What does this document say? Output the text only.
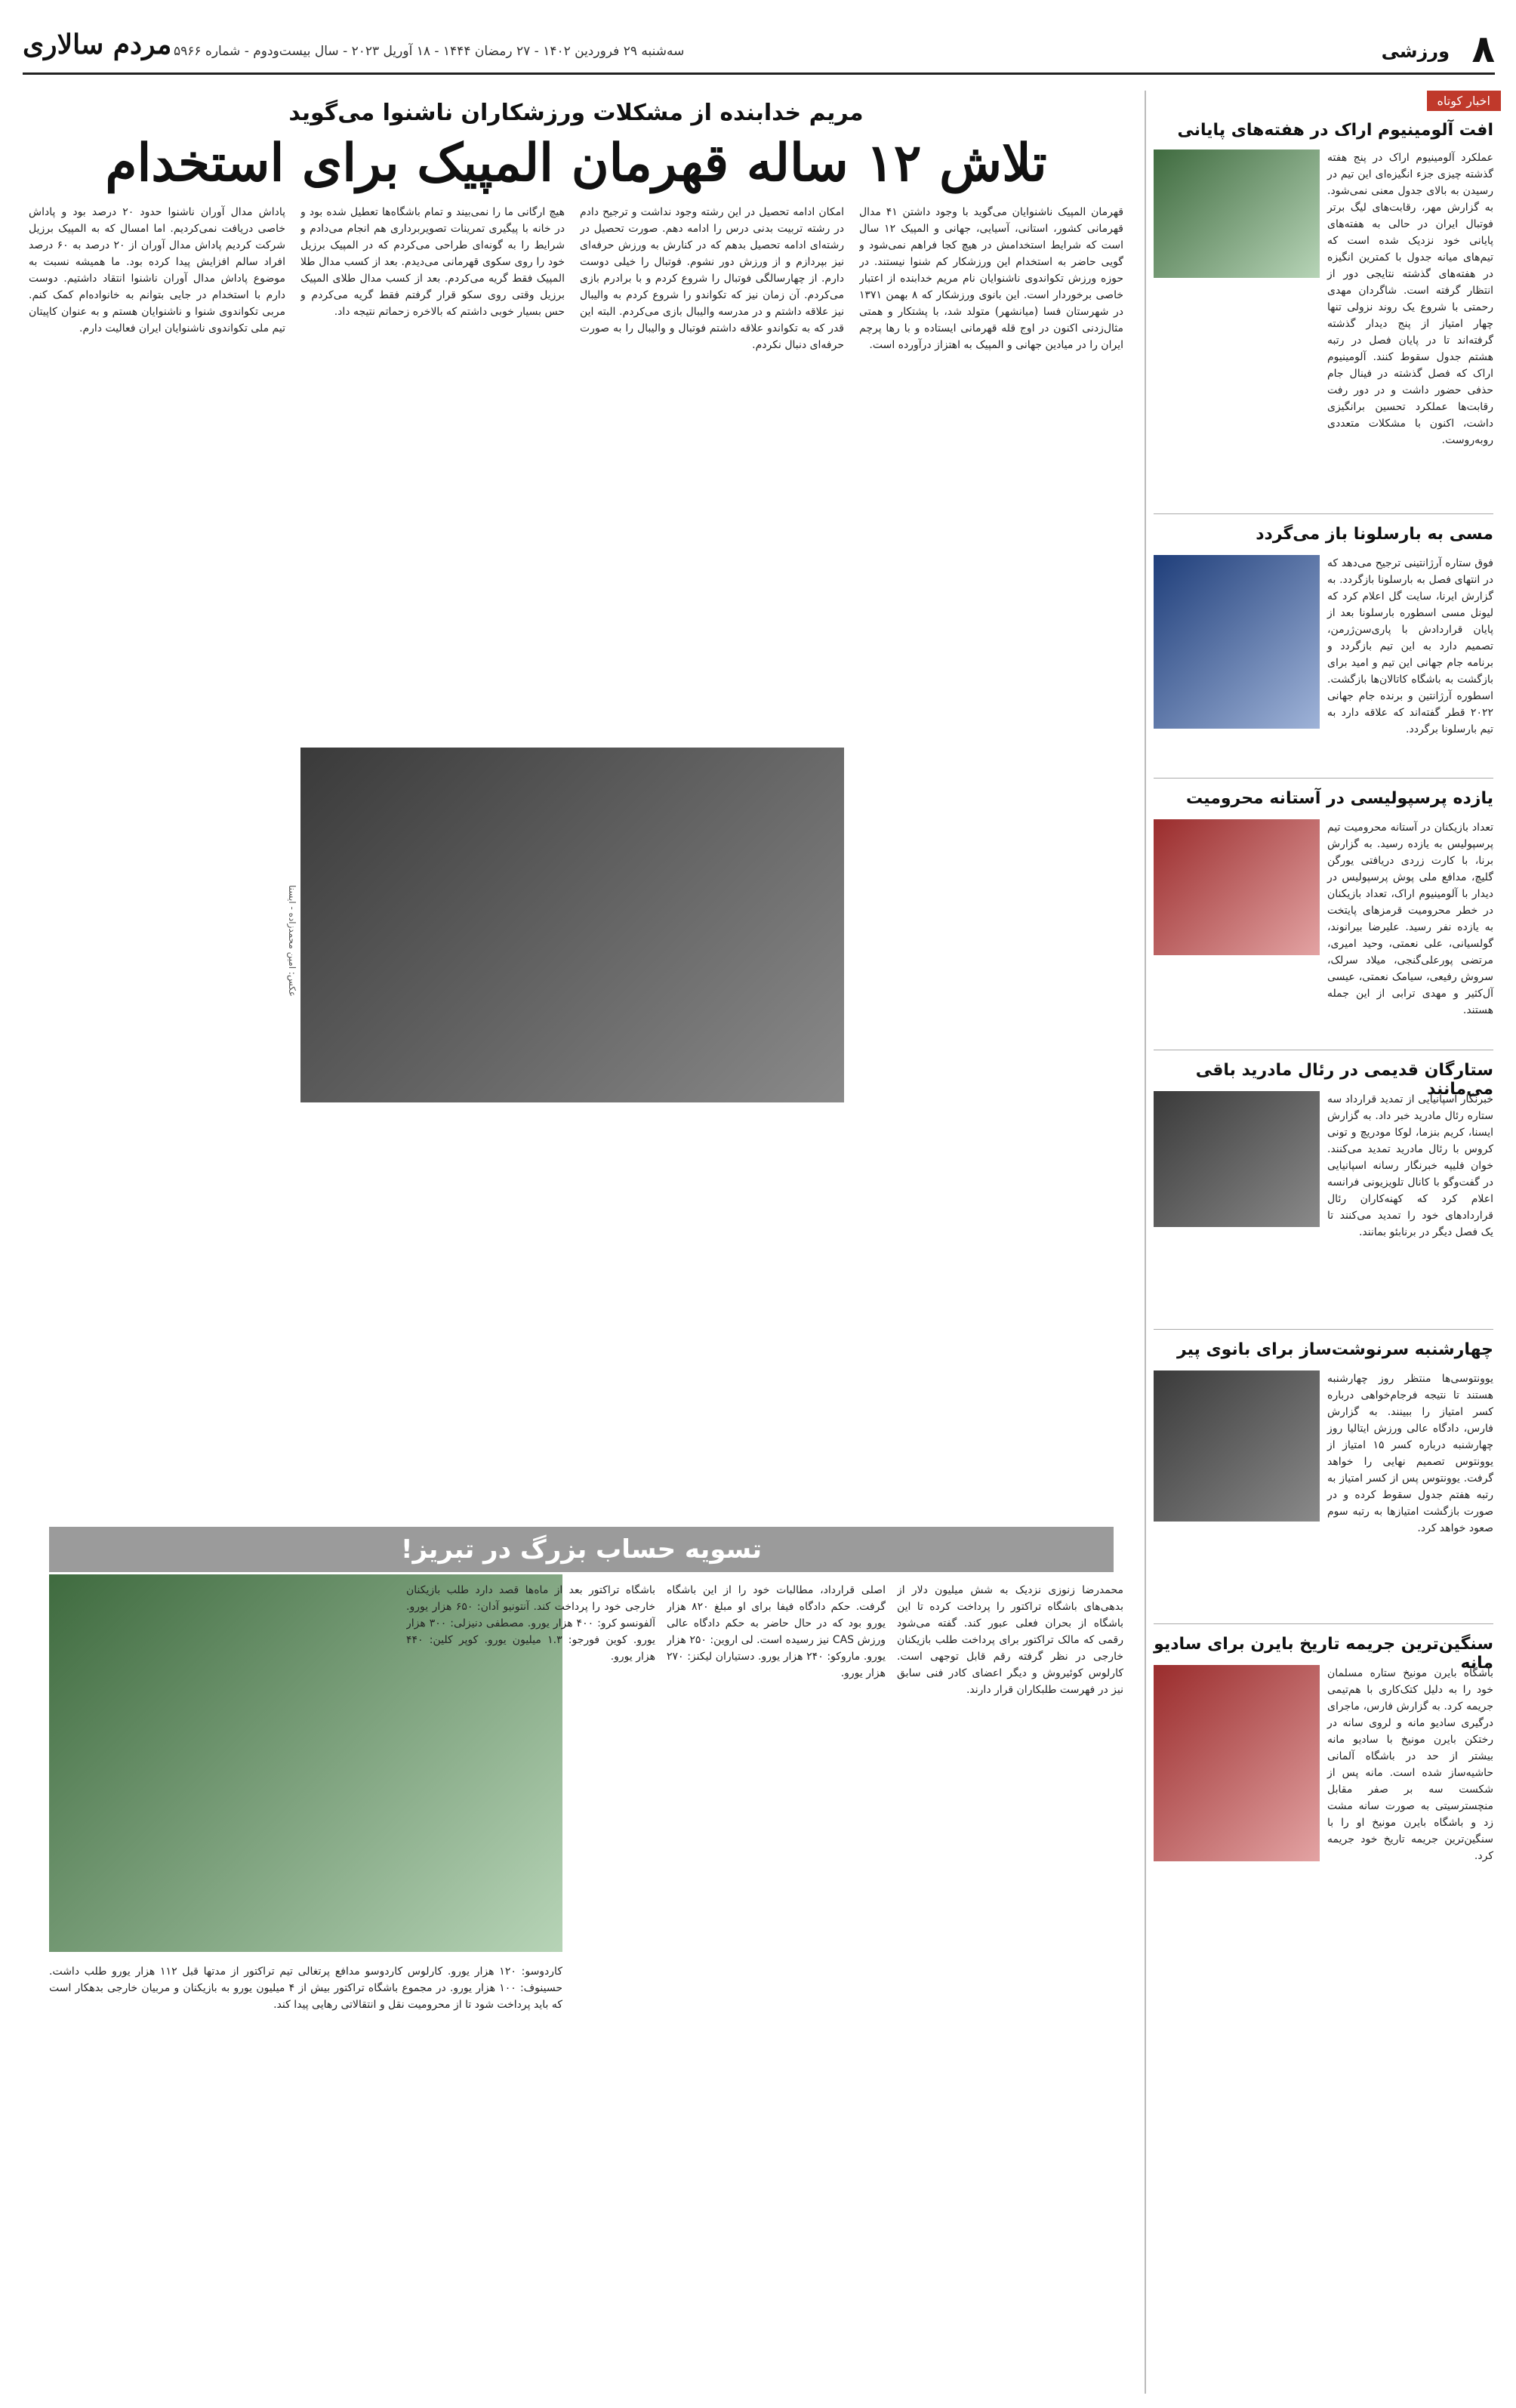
۸
ورزشی
مردم سالاری سه‌شنبه ۲۹ فروردین ۱۴۰۲ - ۲۷ رمضان ۱۴۴۴ - ۱۸ آوریل ۲۰۲۳ - سال بیست‌ودوم - شماره ۵۹۶۶
اخبار کوتاه
افت آلومینیوم اراک در هفته‌های پایانی
عملکرد آلومینیوم اراک در پنج هفته گذشته چیزی جزء انگیزه‌ای این تیم در رسیدن به بالای جدول معنی نمی‌شود. به گزارش مهر، رقابت‌های لیگ برتر فوتبال ایران در حالی به هفته‌های پایانی خود نزدیک شده است که تیم‌های میانه جدول با کمترین انگیزه در هفته‌های گذشته نتایجی دور از انتظار گرفته است. شاگردان مهدی رحمتی با شروع یک روند نزولی تنها چهار امتیاز از پنج دیدار گذشته گرفته‌اند تا در پایان فصل در رتبه هشتم جدول سقوط کنند. آلومینیوم اراک که فصل گذشته در فینال جام حذفی حضور داشت و در دور رفت رقابت‌ها عملکرد تحسین برانگیزی داشت، اکنون با مشکلات متعددی روبه‌روست.
مسی به بارسلونا باز می‌گردد
فوق ستاره آرژانتینی ترجیح می‌دهد که در انتهای فصل به بارسلونا بازگردد. به گزارش ایرنا، سایت گل اعلام کرد که لیونل مسی اسطوره بارسلونا بعد از پایان قراردادش با پاری‌سن‌ژرمن، تصمیم دارد به این تیم بازگردد و برنامه جام جهانی این تیم و امید برای بازگشت به باشگاه کاتالان‌ها بازگشت. اسطوره آرژانتین و برنده جام جهانی ۲۰۲۲ قطر گفته‌اند که علاقه دارد به تیم بارسلونا برگردد.
یازده پرسپولیسی در آستانه محرومیت
تعداد بازیکنان در آستانه محرومیت تیم پرسپولیس به یازده رسید. به گزارش برنا، با کارت زردی دریافتی یورگن گلیچ، مدافع ملی پوش پرسپولیس در دیدار با آلومینیوم اراک، تعداد بازیکنان در خطر محرومیت قرمزهای پایتخت به یازده نفر رسید. علیرضا بیرانوند، گولسیانی، علی نعمتی، وحید امیری، مرتضی پورعلی‌گنجی، میلاد سرلک، سروش رفیعی، سیامک نعمتی، عیسی آل‌کثیر و مهدی ترابی از این جمله هستند.
ستارگان قدیمی در رئال مادرید باقی می‌مانند
خبرنگار اسپانیایی از تمدید قرارداد سه ستاره رئال مادرید خبر داد. به گزارش ایسنا، کریم بنزما، لوکا مودریچ و تونی کروس با رئال مادرید تمدید می‌کنند. خوان فلیپه خبرنگار رسانه اسپانیایی در گفت‌وگو با کانال تلویزیونی فرانسه اعلام کرد که کهنه‌کاران رئال قراردادهای خود را تمدید می‌کنند تا یک فصل دیگر در برنابئو بمانند.
چهارشنبه سرنوشت‌ساز برای بانوی پیر
یوونتوسی‌ها منتظر روز چهارشنبه هستند تا نتیجه فرجام‌خواهی درباره کسر امتیاز را ببینند. به گزارش فارس، دادگاه عالی ورزش ایتالیا روز چهارشنبه درباره کسر ۱۵ امتیاز از یوونتوس تصمیم نهایی را خواهد گرفت. یوونتوس پس از کسر امتیاز به رتبه هفتم جدول سقوط کرده و در صورت بازگشت امتیازها به رتبه سوم صعود خواهد کرد.
سنگین‌ترین جریمه تاریخ بایرن برای سادیو مانه
باشگاه بایرن مونیخ ستاره مسلمان خود را به دلیل کتک‌کاری با هم‌تیمی جریمه کرد. به گزارش فارس، ماجرای درگیری سادیو مانه و لروی سانه در رختکن بایرن مونیخ با سادیو مانه بیشتر از حد در باشگاه آلمانی حاشیه‌ساز شده است. مانه پس از شکست سه بر صفر مقابل منچسترسیتی به صورت سانه مشت زد و باشگاه بایرن مونیخ او را با سنگین‌ترین جریمه تاریخ خود جریمه کرد.
مریم خدابنده از مشکلات ورزشکاران ناشنوا می‌گوید
تلاش ۱۲ ساله قهرمان المپیک برای استخدام
قهرمان المپیک ناشنوایان می‌گوید با وجود داشتن ۴۱ مدال قهرمانی کشور، استانی، آسیایی، جهانی و المپیک ۱۲ سال است که شرایط استخدامش در هیچ کجا فراهم نمی‌شود و گویی حاضر به استخدام این ورزشکار کم شنوا نیستند. در حوزه ورزش تکواندوی ناشنوایان نام مریم خدابنده از اعتبار خاصی برخوردار است. این بانوی ورزشکار که ۸ بهمن ۱۳۷۱ در شهرستان فسا (میانشهر) متولد شد، با پشتکار و همتی مثال‌زدنی اکنون در اوج قله قهرمانی ایستاده و با رها پرچم ایران را در میادین جهانی و المپیک به اهتزاز درآورده است.
امکان ادامه تحصیل در این رشته وجود نداشت و ترجیح دادم در رشته تربیت بدنی درس را ادامه دهم. صورت تحصیل در رشته‌ای ادامه تحصیل بدهم که در کنارش به ورزش حرفه‌ای نیز بپردازم و از ورزش دور نشوم. فوتبال را خیلی دوست دارم. از چهارسالگی فوتبال را شروع کردم و با برادرم بازی می‌کردم. آن زمان نیز که تکواندو را شروع کردم به والیبال نیز علاقه داشتم و در مدرسه والیبال بازی می‌کردم. البته این قدر که به تکواندو علاقه داشتم فوتبال و والیبال را به صورت حرفه‌ای دنبال نکردم.
هیچ ارگانی ما را نمی‌بیند و تمام باشگاه‌ها تعطیل شده بود و در خانه با پیگیری تمرینات تصویربرداری هم انجام می‌دادم و شرایط را به گونه‌ای طراحی می‌کردم که در المپیک برزیل خود را روی سکوی قهرمانی می‌دیدم. بعد از کسب مدال طلا المپیک فقط گریه می‌کردم. بعد از کسب مدال طلای المپیک برزیل وقتی روی سکو قرار گرفتم فقط گریه می‌کردم و حس بسیار خوبی داشتم که بالاخره زحماتم نتیجه داد.
پاداش مدال آوران ناشنوا حدود ۲۰ درصد بود و پاداش خاصی دریافت نمی‌کردیم. اما امسال که به المپیک برزیل شرکت کردیم پاداش مدال آوران از ۲۰ درصد به ۶۰ درصد افراد سالم افزایش پیدا کرده بود. ما همیشه نسبت به موضوع پاداش مدال آوران ناشنوا انتقاد داشتیم. دوست دارم با استخدام در جایی بتوانم به خانواده‌ام کمک کنم. مربی تکواندوی شنوا و ناشنوایان هستم و به عنوان کاپیتان تیم ملی تکواندوی ناشنوایان ایران فعالیت دارم.
عکس: امین محمدزاده - ایسنا
تسویه حساب بزرگ در تبریز!
باشگاه تراکتور بعد از ماه‌ها قصد دارد طلب بازیکنان خارجی خود را پرداخت کند. آنتونیو آدان: ۶۵۰ هزار یورو. آلفونسو کرو: ۴۰۰ هزار یورو. مصطفی دنیزلی: ۳۰۰ هزار یورو. کوین فورجو: ۱.۳ میلیون یورو. کوپر کلین: ۴۴۰ هزار یورو.
محمدرضا زنوزی نزدیک به شش میلیون دلار از بدهی‌های باشگاه تراکتور را پرداخت کرده تا این باشگاه از بحران فعلی عبور کند. گفته می‌شود رقمی که مالک تراکتور برای پرداخت طلب بازیکنان خارجی در نظر گرفته رقم قابل توجهی است. کارلوس کوئیروش و دیگر اعضای کادر فنی سابق نیز در فهرست طلبکاران قرار دارند.
اصلی قرارداد، مطالبات خود را از این باشگاه گرفت. حکم دادگاه فیفا برای او مبلغ ۸۲۰ هزار یورو بود که در حال حاضر به حکم دادگاه عالی ورزش CAS نیز رسیده است. لی اروین: ۲۵۰ هزار یورو. ماروکو: ۲۴۰ هزار یورو. دستیاران لیکنز: ۲۷۰ هزار یورو.
کاردوسو: ۱۲۰ هزار یورو. کارلوس کاردوسو مدافع پرتغالی تیم تراکتور از مدتها قبل ۱۱۲ هزار یورو طلب داشت. حسینوف: ۱۰۰ هزار یورو. در مجموع باشگاه تراکتور بیش از ۴ میلیون یورو به بازیکنان و مربیان خارجی بدهکار است که باید پرداخت شود تا از محرومیت نقل و انتقالاتی رهایی پیدا کند.
